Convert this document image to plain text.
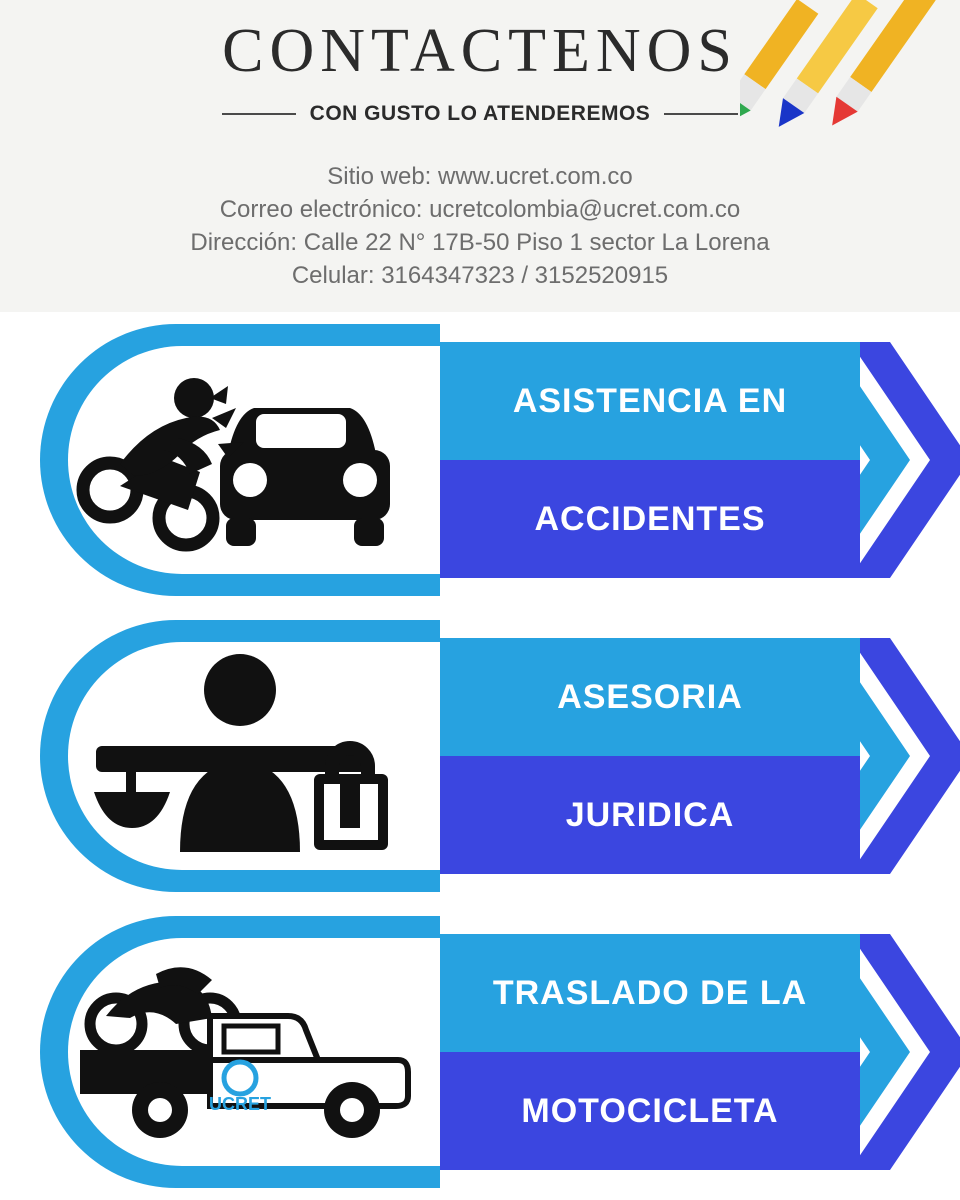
CONTACTENOS
CON GUSTO LO ATENDEREMOS
Sitio web: www.ucret.com.co
Correo electrónico: ucretcolombia@ucret.com.co
Dirección: Calle 22 N° 17B-50 Piso 1 sector La Lorena
Celular: 3164347323 / 3152520915
ASISTENCIA EN
ACCIDENTES
ASESORIA
JURIDICA
UCRET
TRASLADO DE LA
MOTOCICLETA
